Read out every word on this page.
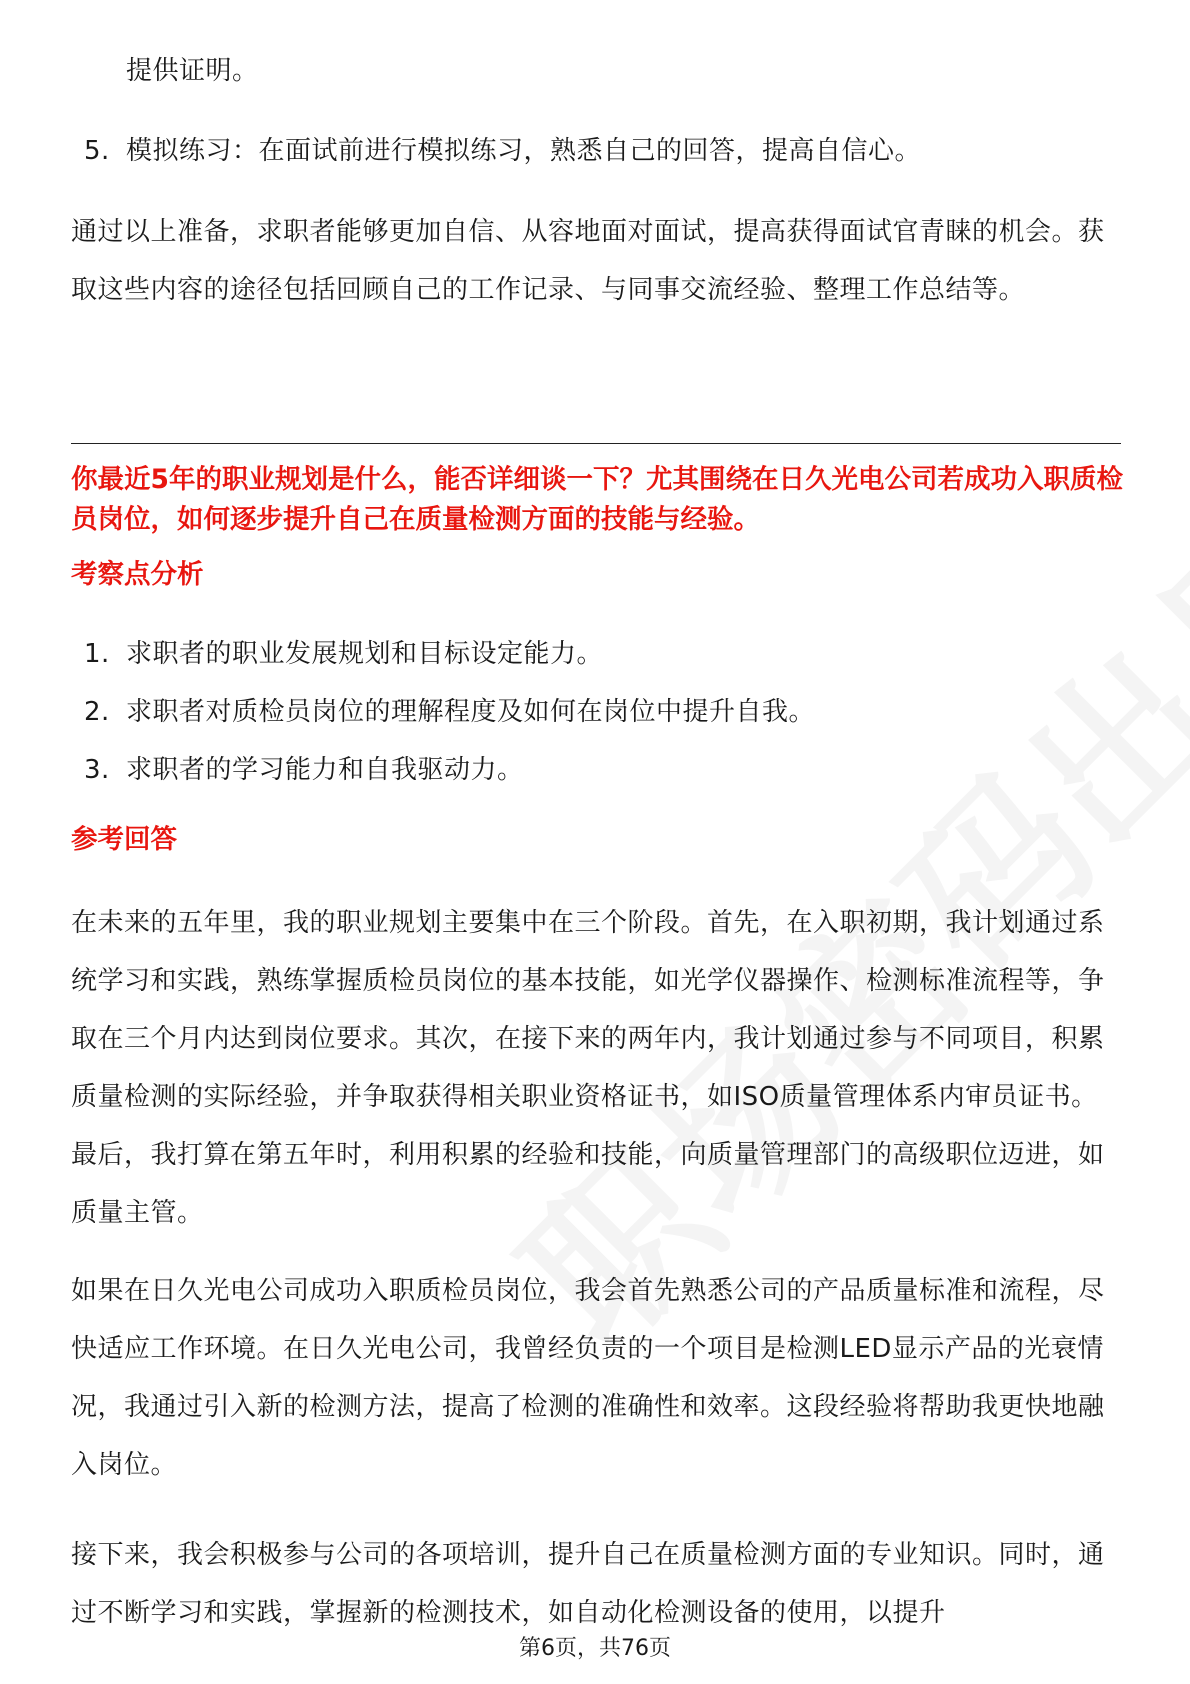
提供证明。

5. 模拟练习：在面试前进行模拟练习，熟悉自己的回答，提高自信心。

通过以上准备，求职者能够更加自信、从容地面对面试，提高获得面试官青睐的机会。获取这些内容的途径包括回顾自己的工作记录、与同事交流经验、整理工作总结等。

你最近5年的职业规划是什么，能否详细谈一下？尤其围绕在日久光电公司若成功入职质检员岗位，如何逐步提升自己在质量检测方面的技能与经验。

考察点分析

1. 求职者的职业发展规划和目标设定能力。
2. 求职者对质检员岗位的理解程度及如何在岗位中提升自我。
3. 求职者的学习能力和自我驱动力。

参考回答

在未来的五年里，我的职业规划主要集中在三个阶段。首先，在入职初期，我计划通过系统学习和实践，熟练掌握质检员岗位的基本技能，如光学仪器操作、检测标准流程等，争取在三个月内达到岗位要求。其次，在接下来的两年内，我计划通过参与不同项目，积累质量检测的实际经验，并争取获得相关职业资格证书，如ISO质量管理体系内审员证书。最后，我打算在第五年时，利用积累的经验和技能，向质量管理部门的高级职位迈进，如质量主管。

如果在日久光电公司成功入职质检员岗位，我会首先熟悉公司的产品质量标准和流程，尽快适应工作环境。在日久光电公司，我曾经负责的一个项目是检测LED显示产品的光衰情况，我通过引入新的检测方法，提高了检测的准确性和效率。这段经验将帮助我更快地融入岗位。

接下来，我会积极参与公司的各项培训，提升自己在质量检测方面的专业知识。同时，通过不断学习和实践，掌握新的检测技术，如自动化检测设备的使用，以提升

第6页，共76页
